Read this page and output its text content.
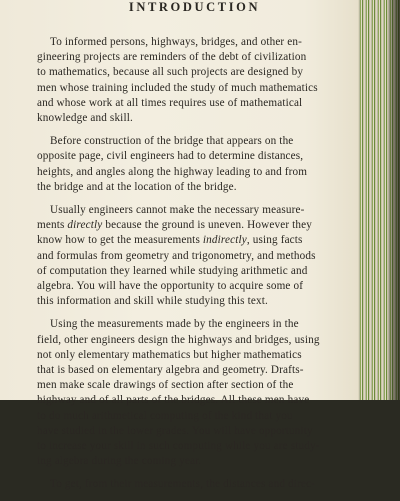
INTRODUCTION

To informed persons, highways, bridges, and other en-
gineering projects are reminders of the debt of civilization
to mathematics, because all such projects are designed by
men whose training included the study of much mathematics
and whose work at all times requires use of mathematical
knowledge and skill.

Before construction of the bridge that appears on the
opposite page, civil engineers had to determine distances,
heights, and angles along the highway leading to and from
the bridge and at the location of the bridge.

Usually engineers cannot make the necessary measure-
ments directly because the ground is uneven. However they
know how to get the measurements indirectly, using facts
and formulas from geometry and trigonometry, and methods
of computation they learned while studying arithmetic and
algebra. You will have the opportunity to acquire some of
this information and skill while studying this text.

Using the measurements made by the engineers in the
field, other engineers design the highways and bridges, using
not only elementary mathematics but higher mathematics
that is based on elementary algebra and geometry. Drafts-
men make scale drawings of section after section of the
highway and of all parts of the bridges. All these men have
to do much arithmetical computing of the kind that you
have studied in the lower grades. You will have opportunity
to increase your skill in such computing while you are study-
ing algebra during the coming year.

To get, from their measurements, the distances and direc-
